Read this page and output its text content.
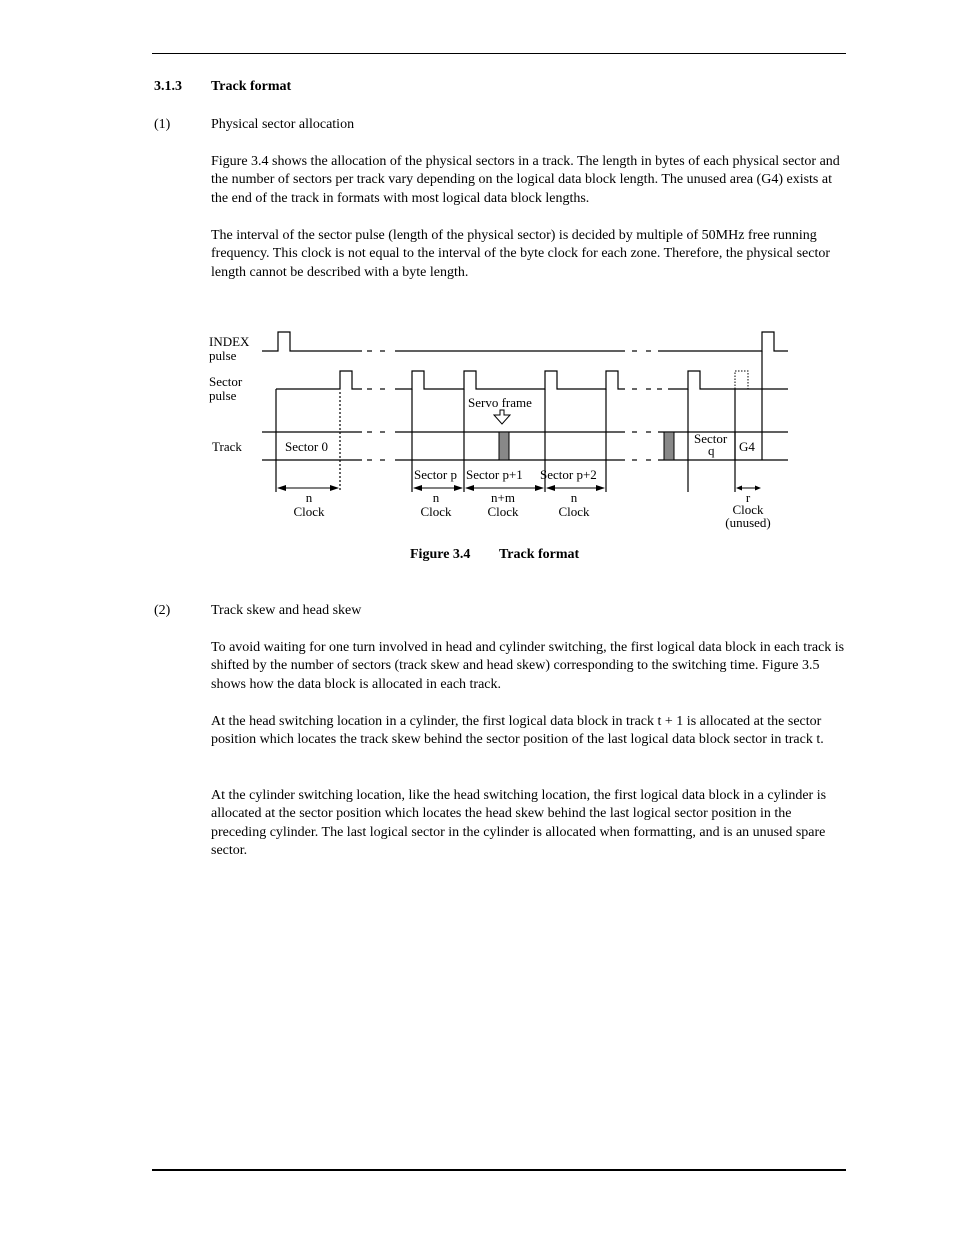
3.1.3 Track format
(1)	Physical sector allocation

Figure 3.4 shows the allocation of the physical sectors in a track. The length in bytes of each physical sector and the number of sectors per track vary depending on the logical data block length. The unused area (G4) exists at the end of the track in formats with most logical data block lengths.

The interval of the sector pulse (length of the physical sector) is decided by multiple of 50MHz free running frequency. This clock is not equal to the interval of the byte clock for each zone. Therefore, the physical sector length cannot be described with a byte length.

INDEX
pulse
Sector
pulse
Track
Servo frame
Sector 0
Sector p Sector p+1 Sector p+2
Sector
q G4
n
Clock
n
Clock
n+m
Clock
n
Clock
r
Clock
(unused)
Figure 3.4 Track format
(2)	Track skew and head skew

To avoid waiting for one turn involved in head and cylinder switching, the first logical data block in each track is shifted by the number of sectors (track skew and head skew) corresponding to the switching time. Figure 3.5 shows how the data block is allocated in each track.

At the head switching location in a cylinder, the first logical data block in track t + 1 is allocated at the sector position which locates the track skew behind the sector position of the last logical data block sector in track t.

At the cylinder switching location, like the head switching location, the first logical data block in a cylinder is allocated at the sector position which locates the head skew behind the last logical sector position in the preceding cylinder. The last logical sector in the cylinder is allocated when formatting, and is an unused spare sector.
